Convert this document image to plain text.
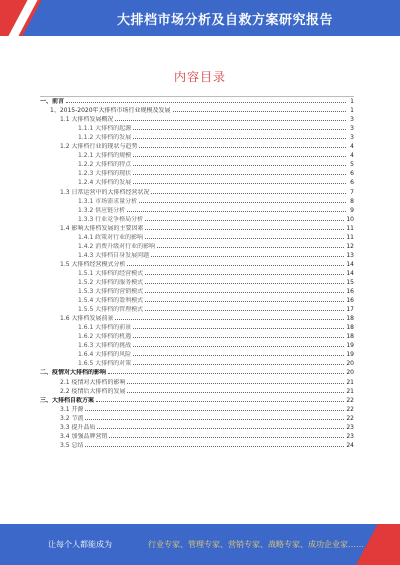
大排档市场分析及自救方案研究报告
内容目录
一、前言	1
1、2015-2020年大排档市场行业规模及发展	1
1.1 大排档发展概况	3
1.1.1 大排档的起源	3
1.1.2 大排档的发展	3
1.2 大排档行业的现状与趋势	4
1.2.1 大排档的规模	4
1.2.2 大排档的特点	5
1.2.3 大排档的现状	6
1.2.4 大排档的发展	6
1.3 日常运营中的大排档经营状况	7
1.3.1 市场需求量分析	8
1.3.2 供应链分析	9
1.3.3 行业竞争格局分析	10
1.4 影响大排档发展的主要因素	11
1.4.1 政策对行业的影响	11
1.4.2 消费升级对行业的影响	12
1.4.3 大排档自身发展问题	13
1.5 大排档经营模式分析	14
1.5.1 大排档的经营模式	14
1.5.2 大排档的服务模式	15
1.5.3 大排档的营销模式	16
1.5.4 大排档的盈利模式	16
1.5.5 大排档的管理模式	17
1.6 大排档发展前景	18
1.6.1 大排档的前景	18
1.6.2 大排档的机遇	18
1.6.3 大排档的挑战	19
1.6.4 大排档的风险	19
1.6.5 大排档的对策	20
二、疫情对大排档的影响	20
2.1 疫情对大排档的影响	21
2.2 疫情后大排档的发展	21
三、大排档自救方案	22
3.1 开源	22
3.2 节流	22
3.3 提升品质	23
3.4 加强品牌营销	23
3.5 总结	24
让每个人都能成为	行业专家、管理专家、营销专家、战略专家、成功企业家……
